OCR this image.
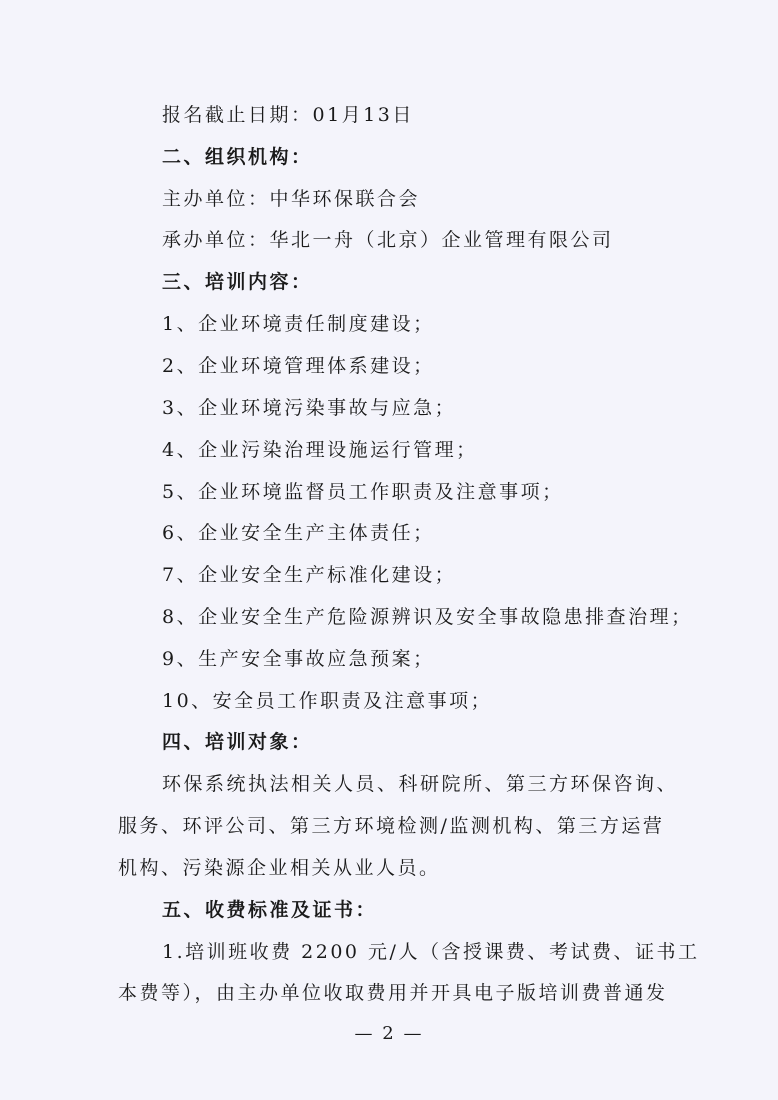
报名截止日期：01月13日
二、组织机构：
主办单位：中华环保联合会
承办单位：华北一舟（北京）企业管理有限公司
三、培训内容：
1、企业环境责任制度建设；
2、企业环境管理体系建设；
3、企业环境污染事故与应急；
4、企业污染治理设施运行管理；
5、企业环境监督员工作职责及注意事项；
6、企业安全生产主体责任；
7、企业安全生产标准化建设；
8、企业安全生产危险源辨识及安全事故隐患排查治理；
9、生产安全事故应急预案；
10、安全员工作职责及注意事项；
四、培训对象：
环保系统执法相关人员、科研院所、第三方环保咨询、
服务、环评公司、第三方环境检测/监测机构、第三方运营
机构、污染源企业相关从业人员。
五、收费标准及证书：
1.培训班收费 2200 元/人（含授课费、考试费、证书工
本费等），由主办单位收取费用并开具电子版培训费普通发
— 2 —
